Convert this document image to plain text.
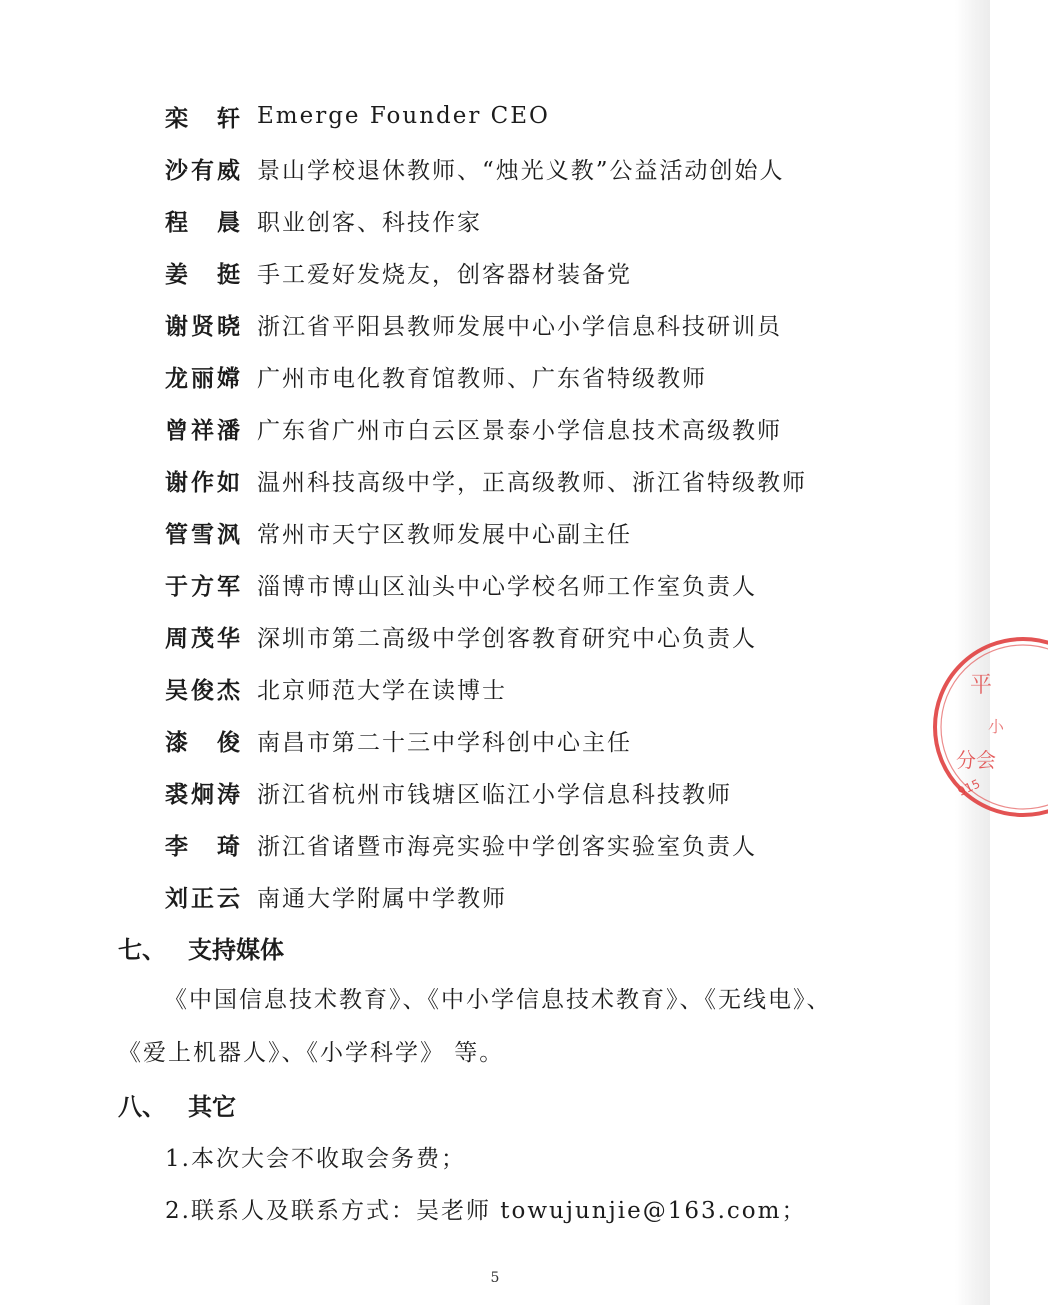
栾　轩 Emerge Founder CEO
沙有威 景山学校退休教师、“烛光义教”公益活动创始人
程　晨 职业创客、科技作家
姜　挺 手工爱好发烧友，创客器材装备党
谢贤晓 浙江省平阳县教师发展中心小学信息科技研训员
龙丽嫦 广州市电化教育馆教师、广东省特级教师
曾祥潘 广东省广州市白云区景泰小学信息技术高级教师
谢作如 温州科技高级中学，正高级教师、浙江省特级教师
管雪沨 常州市天宁区教师发展中心副主任
于方军 淄博市博山区汕头中心学校名师工作室负责人
周茂华 深圳市第二高级中学创客教育研究中心负责人
吴俊杰 北京师范大学在读博士
漆　俊 南昌市第二十三中学科创中心主任
裘炯涛 浙江省杭州市钱塘区临江小学信息科技教师
李　琦 浙江省诸暨市海亮实验中学创客实验室负责人
刘正云 南通大学附属中学教师
七、 支持媒体
《中国信息技术教育》、《中小学信息技术教育》、《无线电》、《爱上机器人》、《小学科学》 等。
八、 其它
1.本次大会不收取会务费；
2.联系人及联系方式：吴老师 towujunjie@163.com；
5
分会
915
平
小
